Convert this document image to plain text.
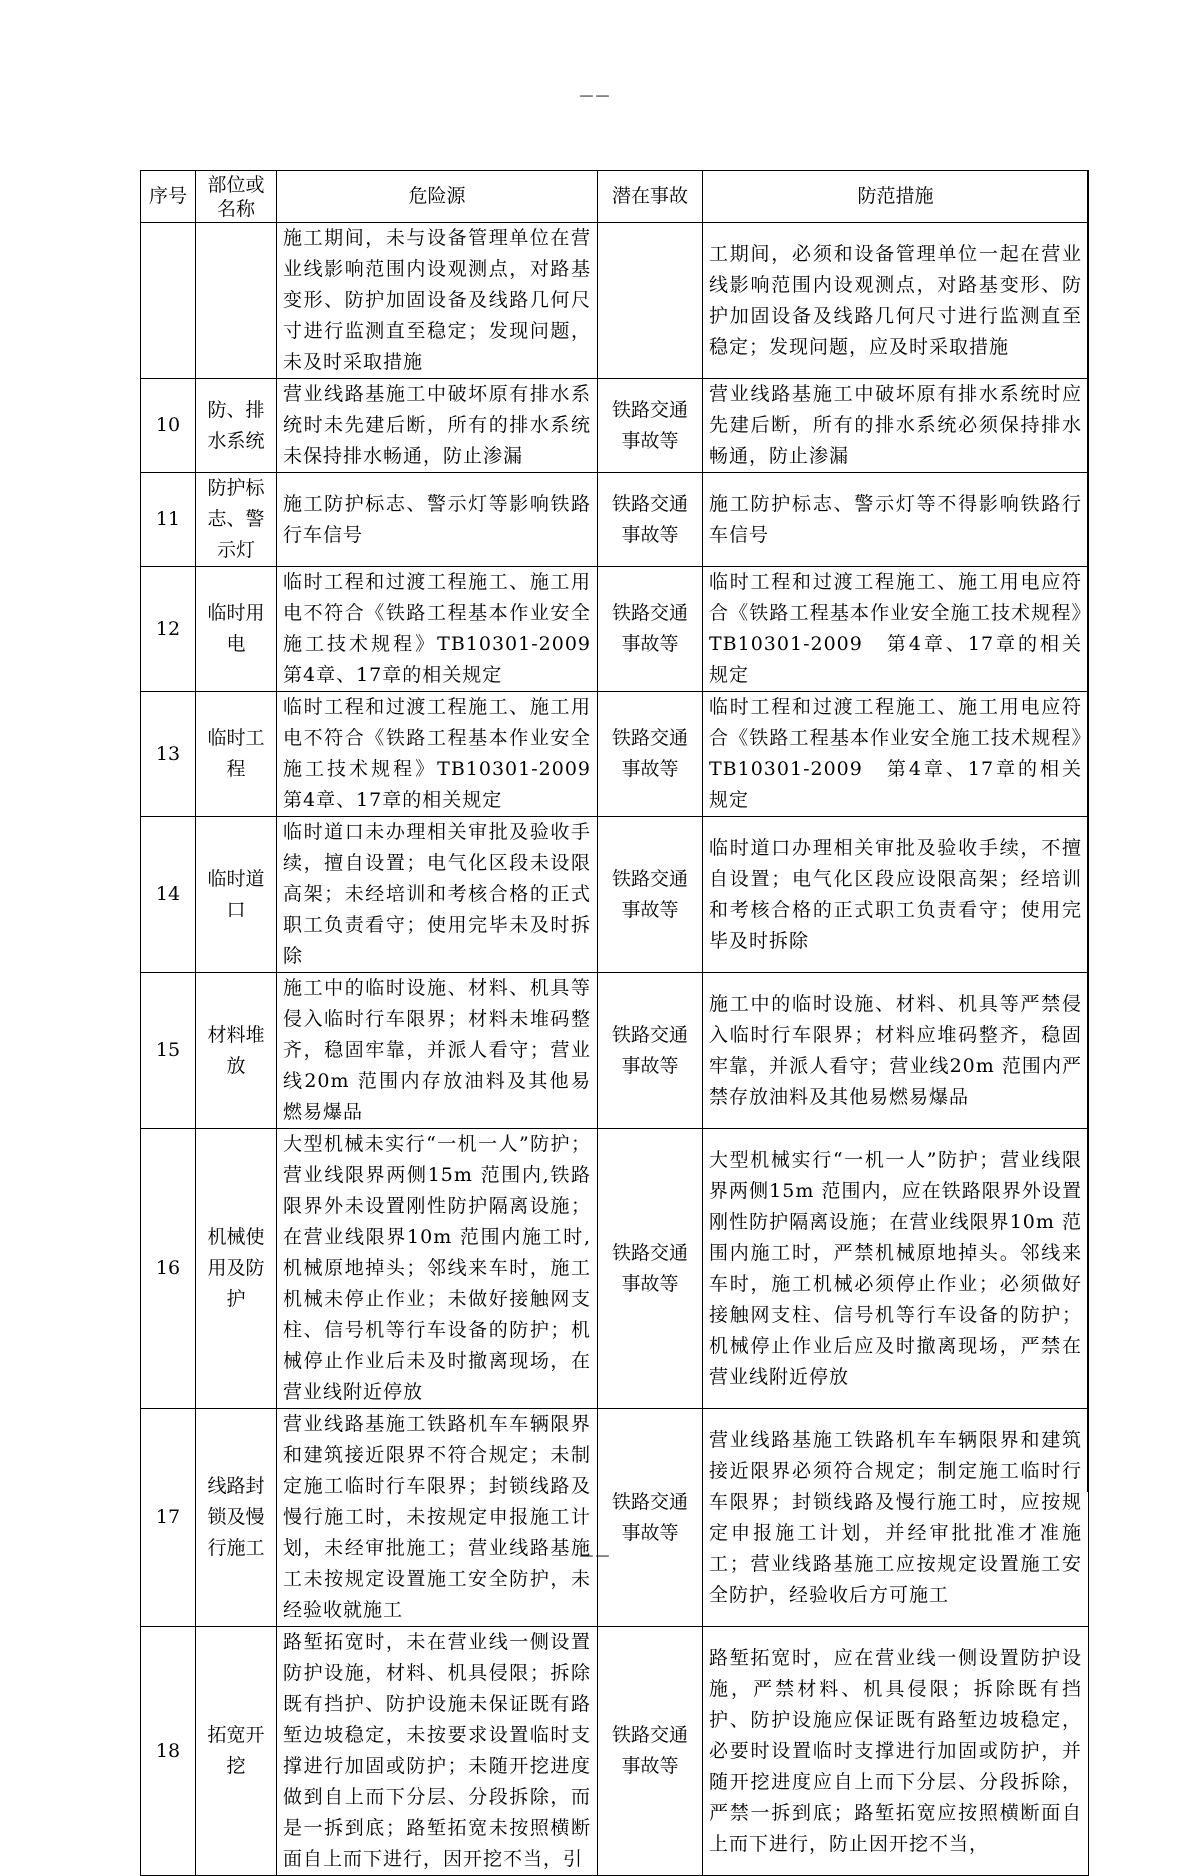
——
序号	部位或名称	危险源	潜在事故	防范措施
		施工期间，未与设备管理单位在营业线影响范围内设观测点，对路基变形、防护加固设备及线路几何尺寸进行监测直至稳定；发现问题，未及时采取措施		工期间，必须和设备管理单位一起在营业线影响范围内设观测点，对路基变形、防护加固设备及线路几何尺寸进行监测直至稳定；发现问题，应及时采取措施
10	防、排水系统	营业线路基施工中破坏原有排水系统时未先建后断，所有的排水系统未保持排水畅通，防止渗漏	铁路交通事故等	营业线路基施工中破坏原有排水系统时应先建后断，所有的排水系统必须保持排水畅通，防止渗漏
11	防护标志、警示灯	施工防护标志、警示灯等影响铁路行车信号	铁路交通事故等	施工防护标志、警示灯等不得影响铁路行车信号
12	临时用电	临时工程和过渡工程施工、施工用电不符合《铁路工程基本作业安全施工技术规程》TB10301-2009　第4章、17章的相关规定	铁路交通事故等	临时工程和过渡工程施工、施工用电应符合《铁路工程基本作业安全施工技术规程》TB10301-2009　第4章、17章的相关规定
13	临时工程	临时工程和过渡工程施工、施工用电不符合《铁路工程基本作业安全施工技术规程》TB10301-2009　第4章、17章的相关规定	铁路交通事故等	临时工程和过渡工程施工、施工用电应符合《铁路工程基本作业安全施工技术规程》TB10301-2009　第4章、17章的相关规定
14	临时道口	临时道口未办理相关审批及验收手续，擅自设置；电气化区段未设限高架；未经培训和考核合格的正式职工负责看守；使用完毕未及时拆除	铁路交通事故等	临时道口办理相关审批及验收手续，不擅自设置；电气化区段应设限高架；经培训和考核合格的正式职工负责看守；使用完毕及时拆除
15	材料堆放	施工中的临时设施、材料、机具等侵入临时行车限界；材料未堆码整齐，稳固牢靠，并派人看守；营业线20m 范围内存放油料及其他易燃易爆品	铁路交通事故等	施工中的临时设施、材料、机具等严禁侵入临时行车限界；材料应堆码整齐，稳固牢靠，并派人看守；营业线20m 范围内严禁存放油料及其他易燃易爆品
16	机械使用及防护	大型机械未实行“一机一人”防护；营业线限界两侧15m 范围内,铁路限界外未设置刚性防护隔离设施；在营业线限界10m 范围内施工时,机械原地掉头；邻线来车时，施工机械未停止作业；未做好接触网支柱、信号机等行车设备的防护；机械停止作业后未及时撤离现场，在营业线附近停放	铁路交通事故等	大型机械实行“一机一人”防护；营业线限界两侧15m 范围内，应在铁路限界外设置刚性防护隔离设施；在营业线限界10m 范围内施工时，严禁机械原地掉头。邻线来车时，施工机械必须停止作业；必须做好接触网支柱、信号机等行车设备的防护；机械停止作业后应及时撤离现场，严禁在营业线附近停放
17	线路封锁及慢行施工	营业线路基施工铁路机车车辆限界和建筑接近限界不符合规定；未制定施工临时行车限界；封锁线路及慢行施工时，未按规定申报施工计划，未经审批施工；营业线路基施工未按规定设置施工安全防护，未经验收就施工	铁路交通事故等	营业线路基施工铁路机车车辆限界和建筑接近限界必须符合规定；制定施工临时行车限界；封锁线路及慢行施工时，应按规定申报施工计划，并经审批批准才准施工；营业线路基施工应按规定设置施工安全防护，经验收后方可施工
18	拓宽开挖	路堑拓宽时，未在营业线一侧设置防护设施，材料、机具侵限；拆除既有挡护、防护设施未保证既有路堑边坡稳定，未按要求设置临时支撑进行加固或防护；未随开挖进度做到自上而下分层、分段拆除，而是一拆到底；路堑拓宽未按照横断面自上而下进行，因开挖不当，引	铁路交通事故等	路堑拓宽时，应在营业线一侧设置防护设施，严禁材料、机具侵限；拆除既有挡护、防护设施应保证既有路堑边坡稳定，必要时设置临时支撑进行加固或防护，并随开挖进度应自上而下分层、分段拆除，严禁一拆到底；路堑拓宽应按照横断面自上而下进行，防止因开挖不当，
——
